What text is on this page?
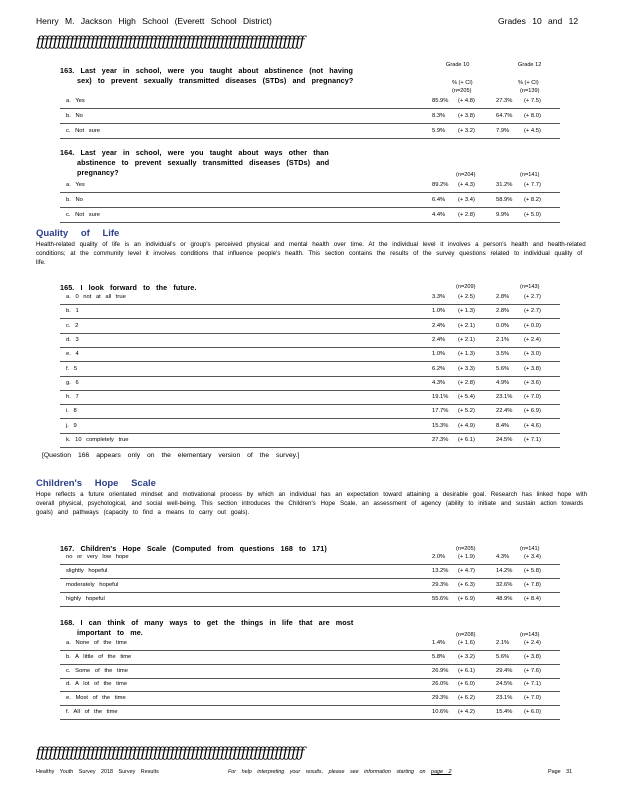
Henry M. Jackson High School (Everett School District)	Grades 10 and 12
ƒƒƒƒƒƒƒƒƒƒƒƒƒƒƒƒƒƒƒƒƒƒƒƒƒƒƒƒƒƒƒƒƒƒƒƒƒƒƒƒƒƒƒƒƒƒƒƒƒƒƒƒƒƒƒƒƒƒƒƒƒƒƒƒ
Grade 10	Grade 12
% (+ CI)	% (+ CI)
163. Last year in school, were you taught about abstinence (not having
sex) to prevent sexually transmitted diseases (STDs) and pregnancy?
(n=205)	(n=139)
a. Yes	85.9% (+ 4.8)	27.3% (+ 7.5)
b. No	8.3% (+ 3.8)	64.7% (+ 8.0)
c. Not sure	5.9% (+ 3.2)	7.9%	(+ 4.5)
164. Last year in school, were you taught about ways other than
abstinence to prevent sexually transmitted diseases (STDs) and
pregnancy?	(n=204)	(n=141)
a. Yes	89.2% (+ 4.3)	31.2% (+ 7.7)
b. No	6.4% (+ 3.4)	58.9% (+ 8.2)
c. Not sure	4.4% (+ 2.8)	9.9%	(+ 5.0)
Quality of Life
Health-related quality of life is an individual's or group's perceived physical and mental health over time. At the individual level it involves a person's health and health-related conditions; at the community level it involves conditions that influence people's health. This section contains the results of the survey questions related to individual quality of life.
165. I look forward to the future.	(n=209)	(n=143)
a. 0 not at all true	3.3% (+ 2.5)	2.8%	(+ 2.7)
b. 1	1.0% (+ 1.3)	2.8%	(+ 2.7)
c. 2	2.4% (+ 2.1)	0.0%	(+ 0.0)
d. 3	2.4% (+ 2.1)	2.1%	(+ 2.4)
e. 4	1.0% (+ 1.3)	3.5%	(+ 3.0)
f. 5	6.2% (+ 3.3)	5.6%	(+ 3.8)
g. 6	4.3% (+ 2.8)	4.9%	(+ 3.6)
h. 7	19.1% (+ 5.4)	23.1% (+ 7.0)
i. 8	17.7% (+ 5.2)	22.4% (+ 6.9)
j. 9	15.3% (+ 4.9)	8.4%	(+ 4.6)
k. 10 completely true	27.3% (+ 6.1)	24.5% (+ 7.1)
[Question 166 appears only on the elementary version of the survey.]
Children's Hope Scale
Hope reflects a future orientated mindset and motivational process by which an individual has an expectation toward attaining a desirable goal. Research has linked hope with overall physical, psychological, and social well-being. This section introduces the Children's Hope Scale, an assessment of agency (ability to initiate and sustain action towards goals) and pathways (capacity to find a means to carry out goals).
167. Children's Hope Scale (Computed from questions 168 to 171)	(n=205)	(n=141)
no or very low hope	2.0% (+ 1.9)	4.3%	(+ 3.4)
slightly hopeful	13.2% (+ 4.7)	14.2% (+ 5.8)
moderately hopeful	29.3% (+ 6.3)	32.6% (+ 7.8)
highly hopeful	55.6% (+ 6.9)	48.9% (+ 8.4)
168. I can think of many ways to get the things in life that are most
important to me.	(n=208)	(n=143)
a. None of the time	1.4% (+ 1.6)	2.1%	(+ 2.4)
b. A little of the time	5.8% (+ 3.2)	5.6%	(+ 3.8)
c. Some of the time	26.9% (+ 6.1)	29.4% (+ 7.6)
d. A lot of the time	26.0% (+ 6.0)	24.5% (+ 7.1)
e. Most of the time	29.3% (+ 6.2)	23.1% (+ 7.0)
f. All of the time	10.6% (+ 4.2)	15.4% (+ 6.0)
ƒƒƒƒƒƒƒƒƒƒƒƒƒƒƒƒƒƒƒƒƒƒƒƒƒƒƒƒƒƒƒƒƒƒƒƒƒƒƒƒƒƒƒƒƒƒƒƒƒƒƒƒƒƒƒƒƒƒƒƒƒƒƒƒ
Healthy Youth Survey 2018 Survey Results	For help interpreting your results, please see information starting on page 2	Page 31
